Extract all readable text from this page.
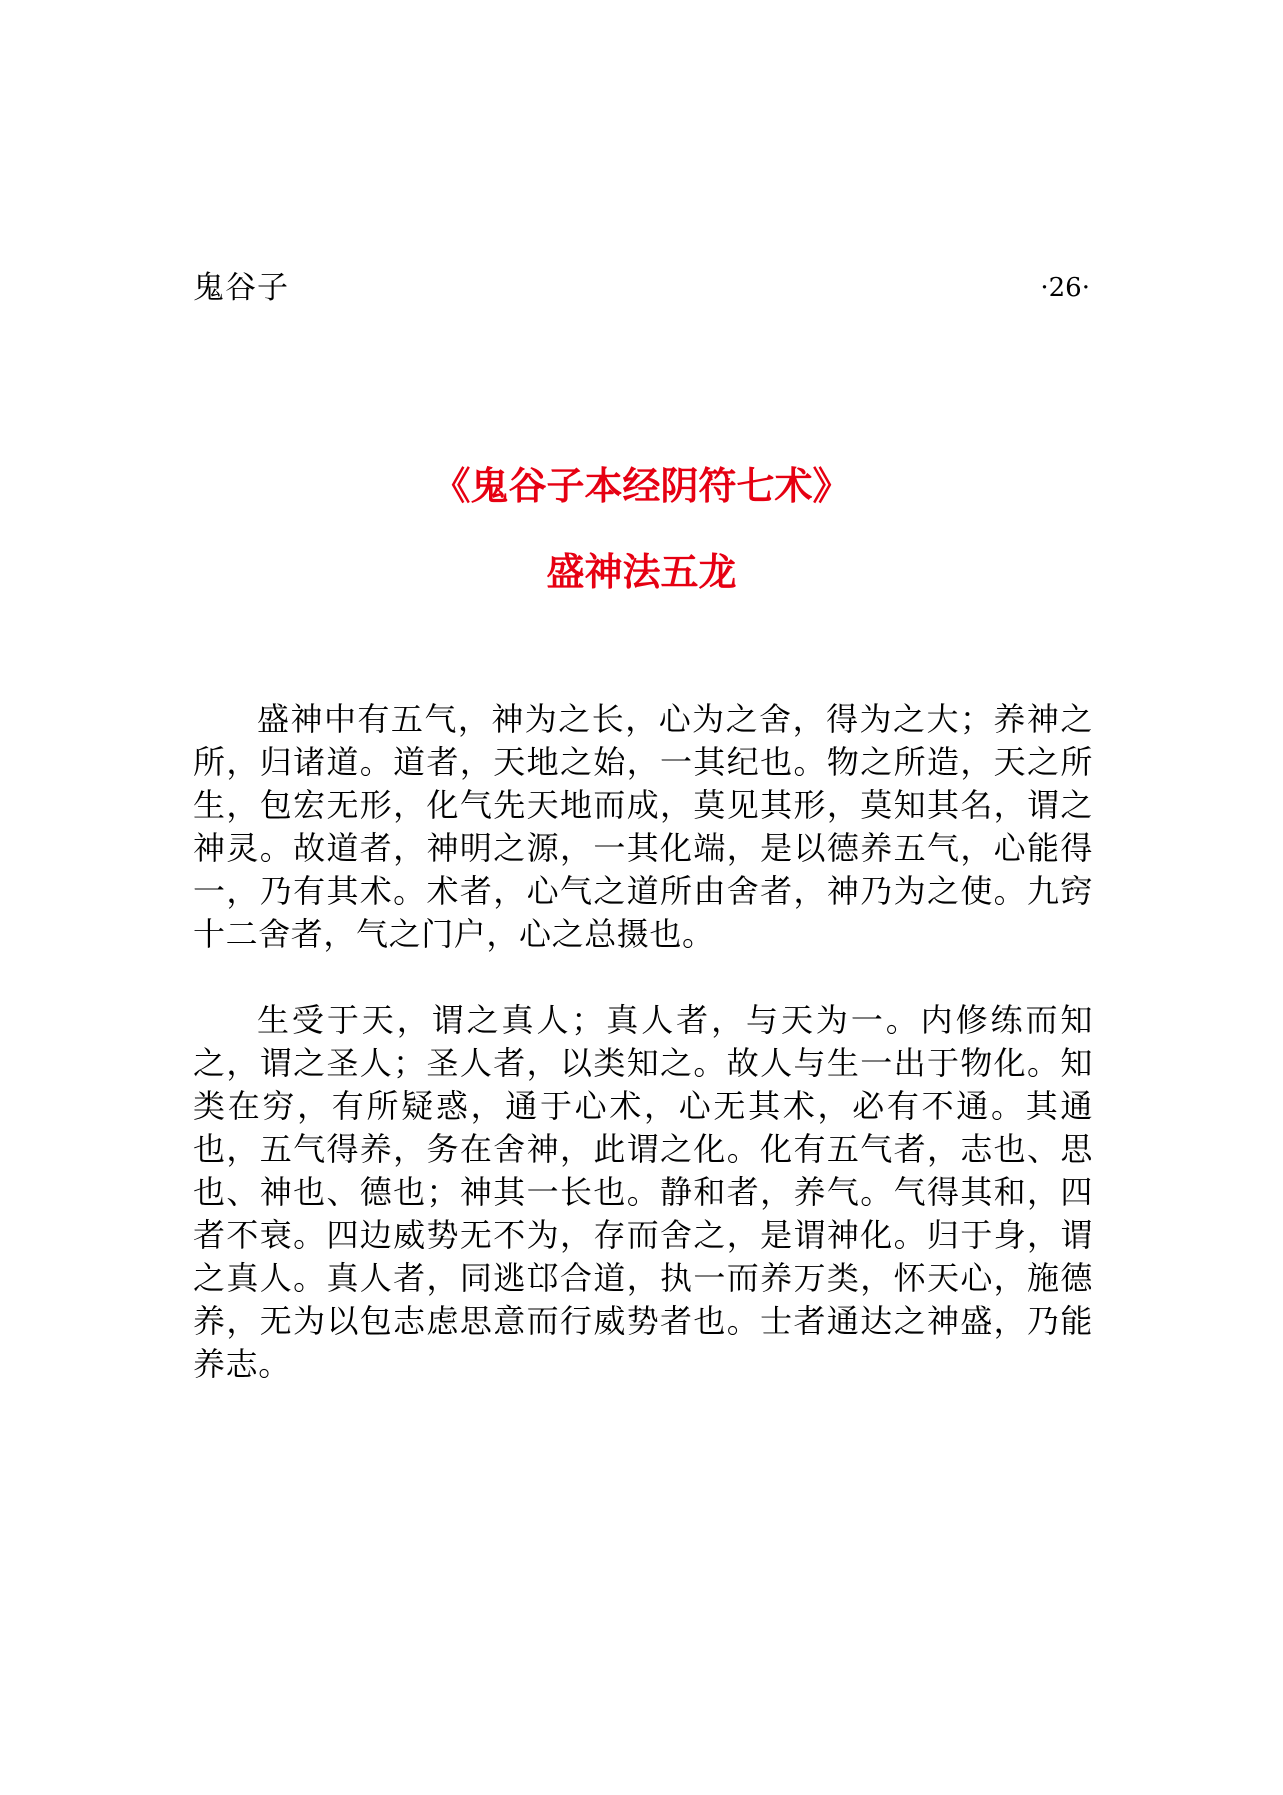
鬼谷子	·26·
《鬼谷子本经阴符七术》
盛神法五龙

盛神中有五气，神为之长，心为之舍，得为之大；养神之所，归诸道。道者，天地之始，一其纪也。物之所造，天之所生，包宏无形，化气先天地而成，莫见其形，莫知其名，谓之神灵。故道者，神明之源，一其化端，是以德养五气，心能得一，乃有其术。术者，心气之道所由舍者，神乃为之使。九窍十二舍者，气之门户，心之总摄也。

生受于天，谓之真人；真人者，与天为一。内修练而知之，谓之圣人；圣人者，以类知之。故人与生一出于物化。知类在穷，有所疑惑，通于心术，心无其术，必有不通。其通也，五气得养，务在舍神，此谓之化。化有五气者，志也、思也、神也、德也；神其一长也。静和者，养气。气得其和，四者不衰。四边威势无不为，存而舍之，是谓神化。归于身，谓之真人。真人者，同逃邙合道，执一而养万类，怀天心，施德养，无为以包志虑思意而行威势者也。士者通达之神盛，乃能养志。
